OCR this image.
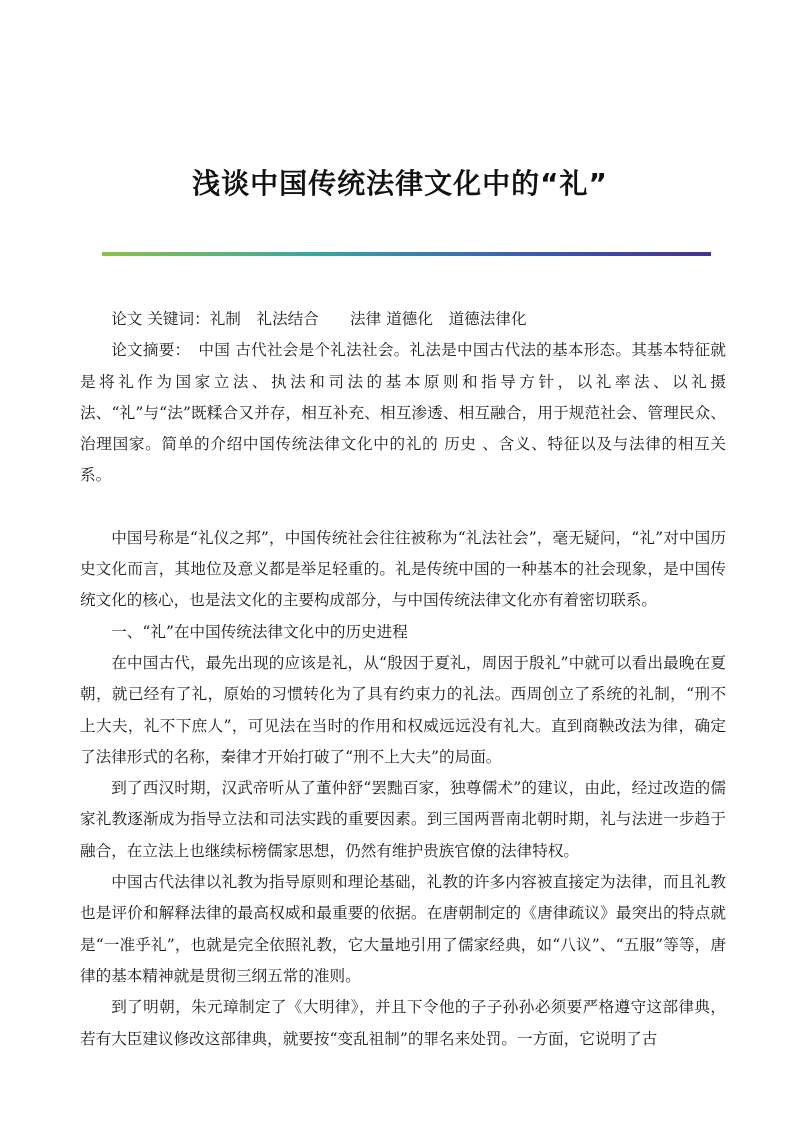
浅谈中国传统法律文化中的“礼”

论文 关键词：礼制　礼法结合　　法律 道德化　道德法律化

论文摘要：　中国 古代社会是个礼法社会。礼法是中国古代法的基本形态。其基本特征就是将礼作为国家立法、执法和司法的基本原则和指导方针，以礼率法、以礼摄法、“礼”与“法”既糅合又并存，相互补充、相互渗透、相互融合，用于规范社会、管理民众、治理国家。简单的介绍中国传统法律文化中的礼的 历史 、含义、特征以及与法律的相互关系。

中国号称是“礼仪之邦”，中国传统社会往往被称为“礼法社会”，毫无疑问，“礼”对中国历史文化而言，其地位及意义都是举足轻重的。礼是传统中国的一种基本的社会现象，是中国传统文化的核心，也是法文化的主要构成部分，与中国传统法律文化亦有着密切联系。

一、“礼”在中国传统法律文化中的历史进程

在中国古代，最先出现的应该是礼，从“殷因于夏礼，周因于殷礼”中就可以看出最晚在夏朝，就已经有了礼，原始的习惯转化为了具有约束力的礼法。西周创立了系统的礼制，“刑不上大夫，礼不下庶人”，可见法在当时的作用和权威远远没有礼大。直到商鞅改法为律，确定了法律形式的名称，秦律才开始打破了“刑不上大夫”的局面。

到了西汉时期，汉武帝听从了董仲舒“罢黜百家，独尊儒术”的建议，由此，经过改造的儒家礼教逐渐成为指导立法和司法实践的重要因素。到三国两晋南北朝时期，礼与法进一步趋于融合，在立法上也继续标榜儒家思想，仍然有维护贵族官僚的法律特权。

中国古代法律以礼教为指导原则和理论基础，礼教的许多内容被直接定为法律，而且礼教也是评价和解释法律的最高权威和最重要的依据。在唐朝制定的《唐律疏议》最突出的特点就是“一准乎礼”，也就是完全依照礼教，它大量地引用了儒家经典，如“八议”、“五服”等等，唐律的基本精神就是贯彻三纲五常的准则。

到了明朝，朱元璋制定了《大明律》，并且下令他的子子孙孙必须要严格遵守这部律典，若有大臣建议修改这部律典，就要按“变乱祖制”的罪名来处罚。一方面，它说明了古
